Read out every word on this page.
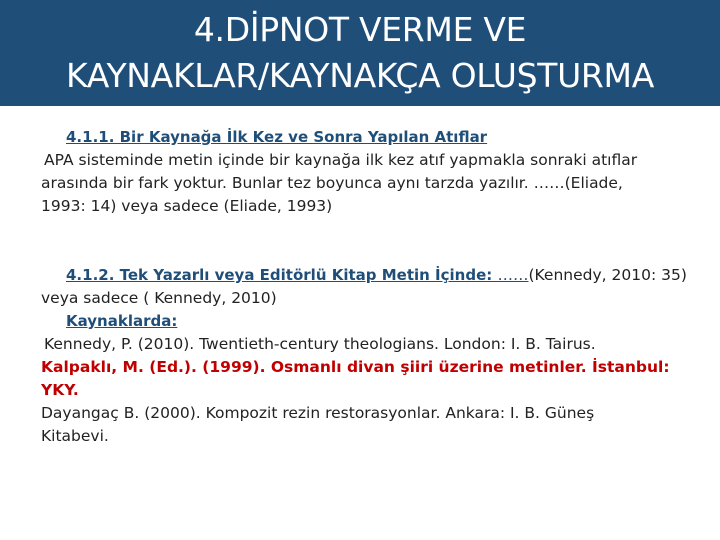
4.DİPNOT VERME VE
KAYNAKLAR/KAYNAKÇA OLUŞTURMA

4.1.1. Bir Kaynağa İlk Kez ve Sonra Yapılan Atıflar

APA sisteminde metin içinde bir kaynağa ilk kez atıf yapmakla sonraki atıflar

arasında bir fark yoktur. Bunlar tez boyunca aynı tarzda yazılır. ……(Eliade,

1993: 14) veya sadece (Eliade, 1993)

4.1.2. Tek Yazarlı veya Editörlü Kitap Metin İçinde: ……(Kennedy, 2010: 35)

veya sadece ( Kennedy, 2010)

Kaynaklarda:

Kennedy, P. (2010). Twentieth-century theologians. London: I. B. Tairus.

Kalpaklı, M. (Ed.). (1999). Osmanlı divan şiiri üzerine metinler. İstanbul: YKY.

Dayangaç B. (2000). Kompozit rezin restorasyonlar. Ankara: I. B. Güneş

Kitabevi.
